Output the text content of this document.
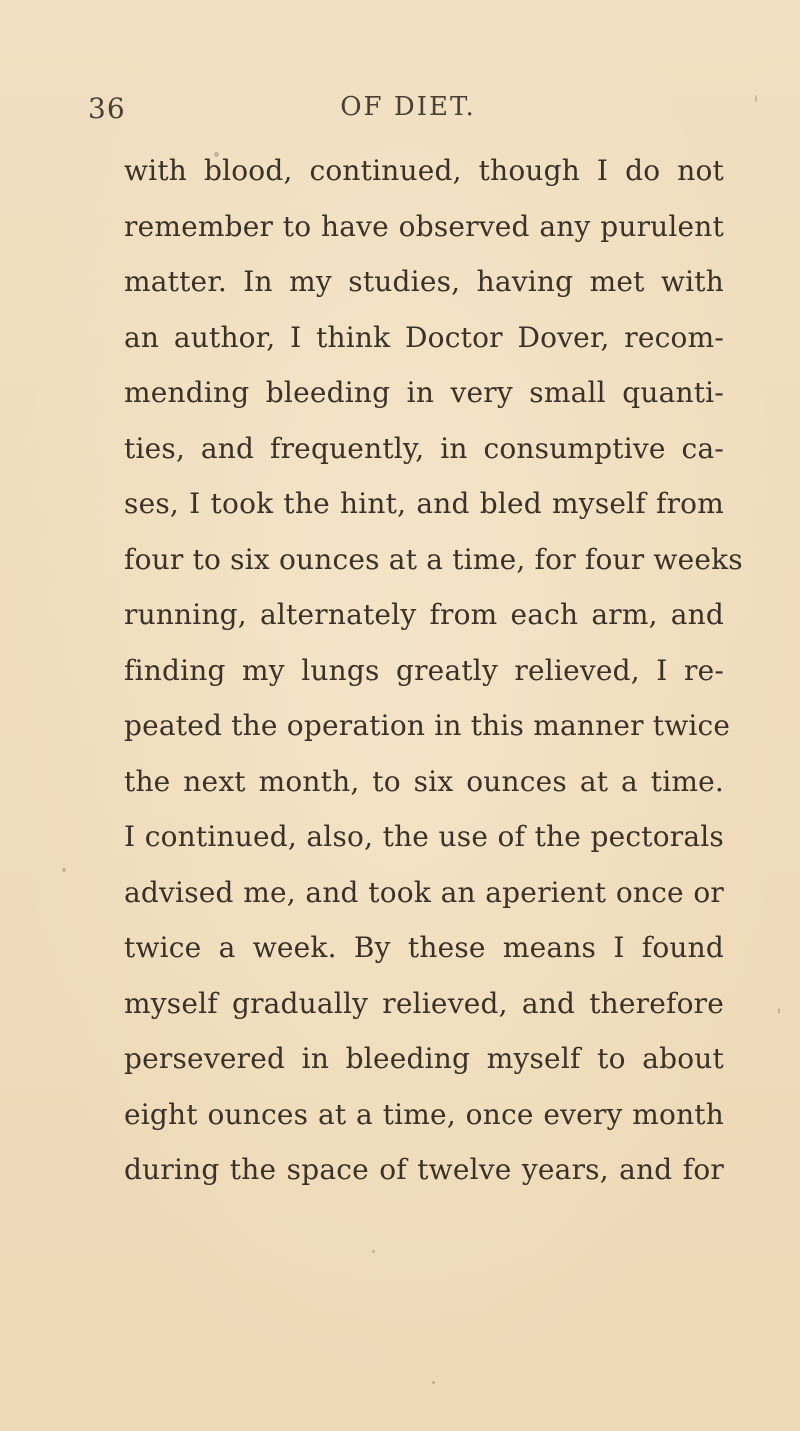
36	OF DIET.
with blood, continued, though I do not
remember to have observed any purulent
matter. In my studies, having met with
an author, I think Doctor Dover, recom-
mending bleeding in very small quanti-
ties, and frequently, in consumptive ca-
ses, I took the hint, and bled myself from
four to six ounces at a time, for four weeks
running, alternately from each arm, and
finding my lungs greatly relieved, I re-
peated the operation in this manner twice
the next month, to six ounces at a time.
I continued, also, the use of the pectorals
advised me, and took an aperient once or
twice a week. By these means I found
myself gradually relieved, and therefore
persevered in bleeding myself to about
eight ounces at a time, once every month
during the space of twelve years, and for
